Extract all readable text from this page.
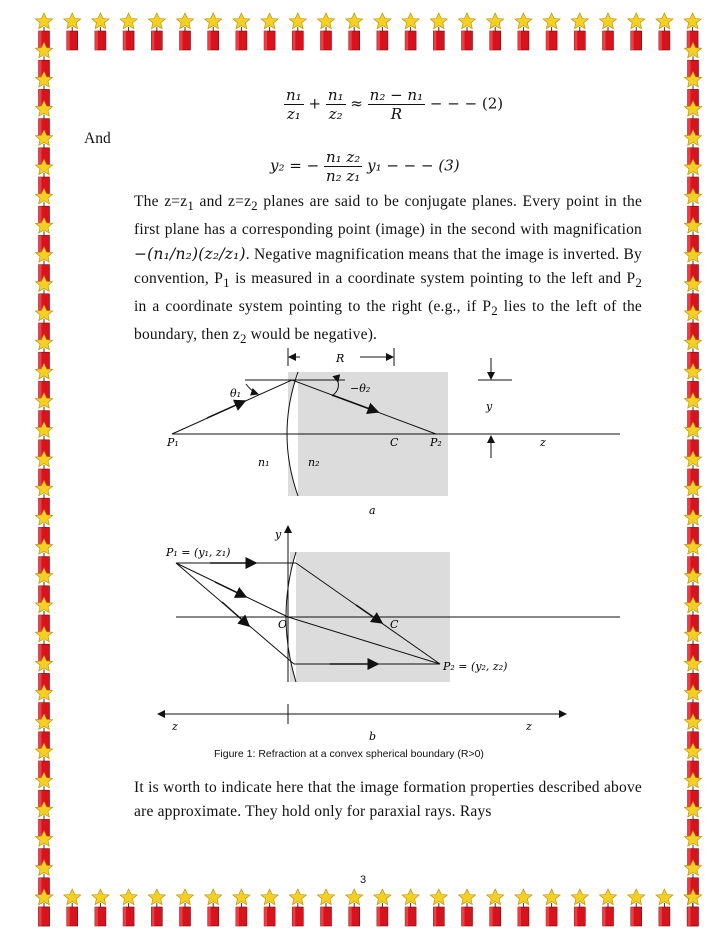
$\frac{\text{n₁}}{\text{z₁}} + \frac{\text{n₁}}{\text{z₂}} \approx \frac{\text{n₂ − n₁}}{R}$ − − − (2)
And
y₂ = − $\frac{\text{n₁ z₂}}{\text{n₂ z₁}} y_1$ − − − (3)
The $z=z_1$ and $z=z_2$ planes are said to be conjugate planes. Every point in the first plane has a corresponding point (image) in the second with magnification −(n₁/n₂)(z₂/z₁). Negative magnification means that the image is inverted. By convention, $P_1$ is measured in a coordinate system pointing to the left and $P_2$ in a coordinate system pointing to the right (e.g., if $P_2$ lies to the left of the boundary, then $z_2$ would be negative).
R
θ₁	−θ₂
y
P₁	C	P₂	z
n₁	n₂
a
y
P₁ = (y₁, z₁)
O	C
P₂ = (y₂, z₂)
z	z
b
Figure 1: Refraction at a convex spherical boundary (R>0)
It is worth to indicate here that the image formation properties described above are approximate. They hold only for paraxial rays. Rays
3
